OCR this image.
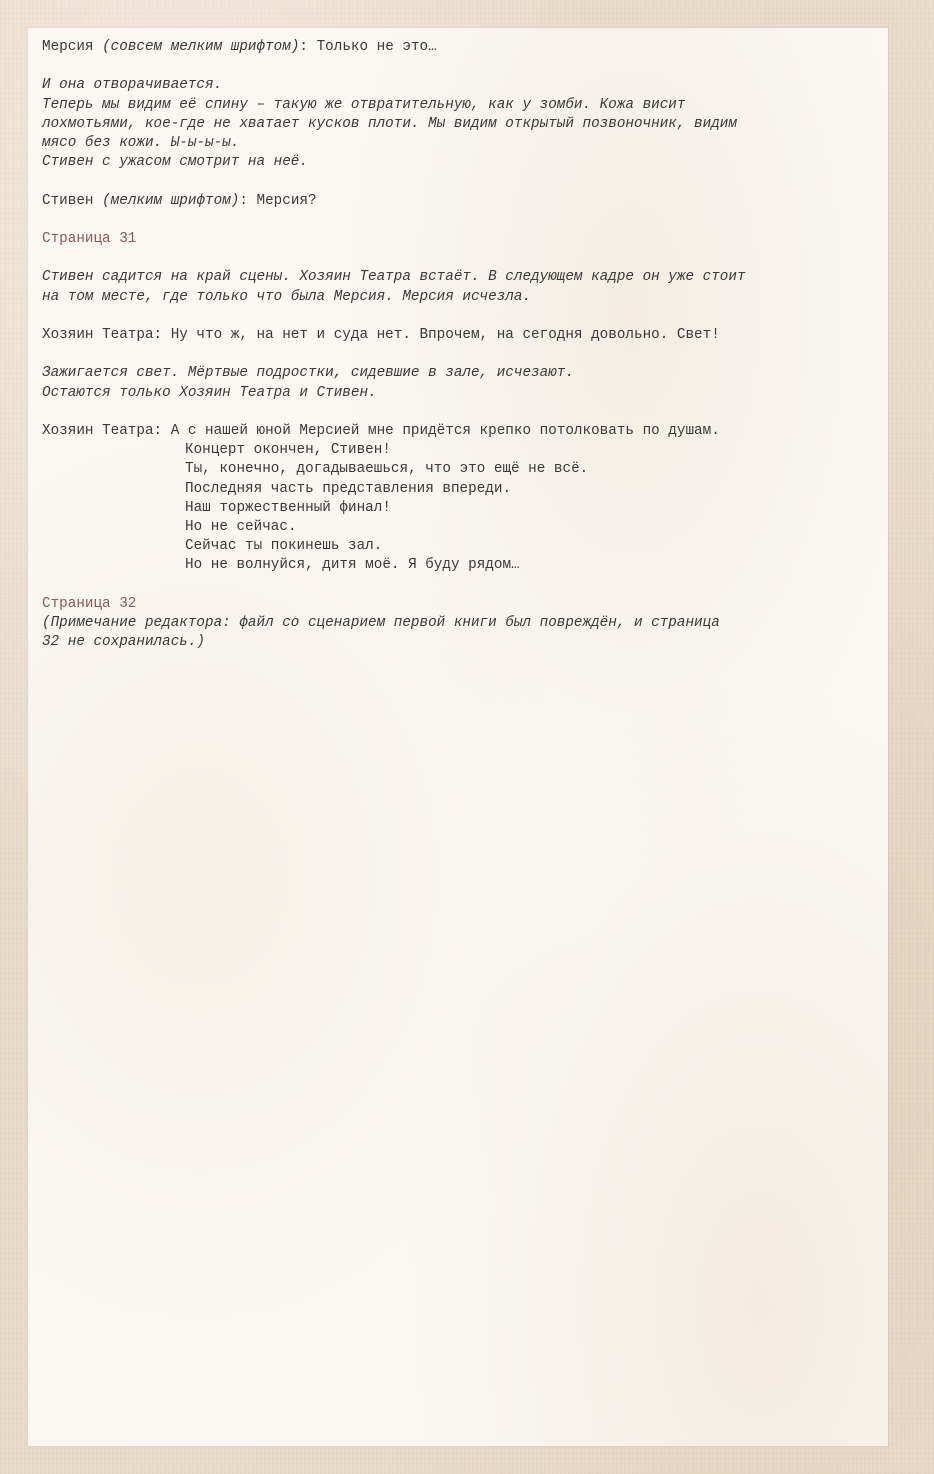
Мерсия (совсем мелким шрифтом): Только не это…
И она отворачивается.
Теперь мы видим её спину – такую же отвратительную, как у зомби. Кожа висит
лохмотьями, кое-где не хватает кусков плоти. Мы видим открытый позвоночник, видим
мясо без кожи. Ы-ы-ы-ы.
Стивен с ужасом смотрит на неё.
Стивен (мелким шрифтом): Мерсия?
Страница 31
Стивен садится на край сцены. Хозяин Театра встаёт. В следующем кадре он уже стоит
на том месте, где только что была Мерсия. Мерсия исчезла.
Хозяин Театра: Ну что ж, на нет и суда нет. Впрочем, на сегодня довольно. Свет!
Зажигается свет. Мёртвые подростки, сидевшие в зале, исчезают.
Остаются только Хозяин Театра и Стивен.
Хозяин Театра: А с нашей юной Мерсией мне придётся крепко потолковать по душам.
Концерт окончен, Стивен!
Ты, конечно, догадываешься, что это ещё не всё.
Последняя часть представления впереди.
Наш торжественный финал!
Но не сейчас.
Сейчас ты покинешь зал.
Но не волнуйся, дитя моё. Я буду рядом…
Страница 32
(Примечание редактора: файл со сценарием первой книги был повреждён, и страница
32 не сохранилась.)
